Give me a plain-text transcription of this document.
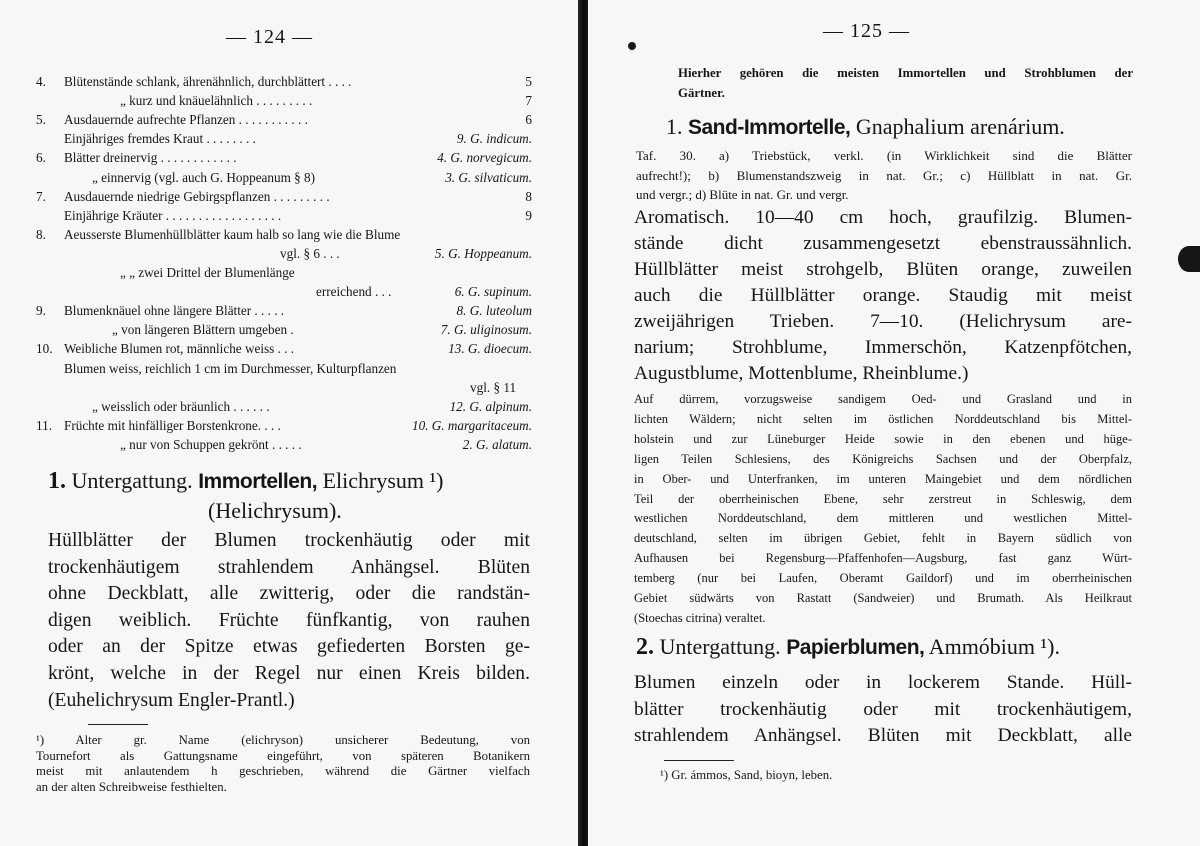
— 124 —
4. Blütenstände schlank, ährenähnlich, durchblättert . . . .	5
„ kurz und knäuelähnlich . . . . . . . . .	7
5. Ausdauernde aufrechte Pflanzen . . . . . . . . . . .	6
Einjähriges fremdes Kraut . . . . . . . .	9. G. indicum.
6. Blätter dreinervig . . . . . . . . . . . .	4. G. norvegicum.
„ einnervig (vgl. auch G. Hoppeanum § 8)	3. G. silvaticum.
7. Ausdauernde niedrige Gebirgspflanzen . . . . . . . . .	8
Einjährige Kräuter . . . . . . . . . . . . . . . . . .	9
8. Aeusserste Blumenhüllblätter kaum halb so lang wie die Blume
vgl. § 6 . . .	5. G. Hoppeanum.
„ „ zwei Drittel der Blumenlänge
erreichend . . .	6. G. supinum.
9. Blumenknäuel ohne längere Blätter . . . . .	8. G. luteolum
„ von längeren Blättern umgeben .	7. G. uliginosum.
10. Weibliche Blumen rot, männliche weiss . . .	13. G. dioecum.
Blumen weiss, reichlich 1 cm im Durchmesser, Kulturpflanzen
vgl. § 11
„ weisslich oder bräunlich . . . . . .	12. G. alpinum.
11. Früchte mit hinfälliger Borstenkrone. . . .	10. G. margaritaceum.
„ nur von Schuppen gekrönt . . . . .	2. G. alatum.
1. Untergattung. Immortellen, Elichrysum ¹)
(Helichrysum).
Hüllblätter der Blumen trockenhäutig oder mit
trockenhäutigem strahlendem Anhängsel. Blüten
ohne Deckblatt, alle zwitterig, oder die randstän-
digen weiblich. Früchte fünfkantig, von rauhen
oder an der Spitze etwas gefiederten Borsten ge-
krönt, welche in der Regel nur einen Kreis bilden.
(Euhelichrysum Engler-Prantl.)
¹) Alter gr. Name (elichryson) unsicherer Bedeutung, von
Tournefort als Gattungsname eingeführt, von späteren Botanikern
meist mit anlautendem h geschrieben, während die Gärtner vielfach
an der alten Schreibweise festhielten.
— 125 —
Hierher gehören die meisten Immortellen und Strohblumen der
Gärtner.
1. Sand-Immortelle, Gnaphalium arenárium.
Taf. 30. a) Triebstück, verkl. (in Wirklichkeit sind die Blätter
aufrecht!); b) Blumenstandszweig in nat. Gr.; c) Hüllblatt in nat. Gr.
und vergr.; d) Blüte in nat. Gr. und vergr.
Aromatisch. 10—40 cm hoch, graufilzig. Blumen-
stände dicht zusammengesetzt ebenstraussähnlich.
Hüllblätter meist strohgelb, Blüten orange, zuweilen
auch die Hüllblätter orange. Staudig mit meist
zweijährigen Trieben. 7—10. (Helichrysum are-
narium; Strohblume, Immerschön, Katzenpfötchen,
Augustblume, Mottenblume, Rheinblume.)
Auf dürrem, vorzugsweise sandigem Oed- und Grasland und in
lichten Wäldern; nicht selten im östlichen Norddeutschland bis Mittel-
holstein und zur Lüneburger Heide sowie in den ebenen und hüge-
ligen Teilen Schlesiens, des Königreichs Sachsen und der Oberpfalz,
in Ober- und Unterfranken, im unteren Maingebiet und dem nördlichen
Teil der oberrheinischen Ebene, sehr zerstreut in Schleswig, dem
westlichen Norddeutschland, dem mittleren und westlichen Mittel-
deutschland, selten im übrigen Gebiet, fehlt in Bayern südlich von
Aufhausen bei Regensburg—Pfaffenhofen—Augsburg, fast ganz Würt-
temberg (nur bei Laufen, Oberamt Gaildorf) und im oberrheinischen
Gebiet südwärts von Rastatt (Sandweier) und Brumath. Als Heilkraut
(Stoechas citrina) veraltet.
2. Untergattung. Papierblumen, Ammóbium ¹).
Blumen einzeln oder in lockerem Stande. Hüll-
blätter trockenhäutig oder mit trockenhäutigem,
strahlendem Anhängsel. Blüten mit Deckblatt, alle
¹) Gr. ámmos, Sand, bioyn, leben.
